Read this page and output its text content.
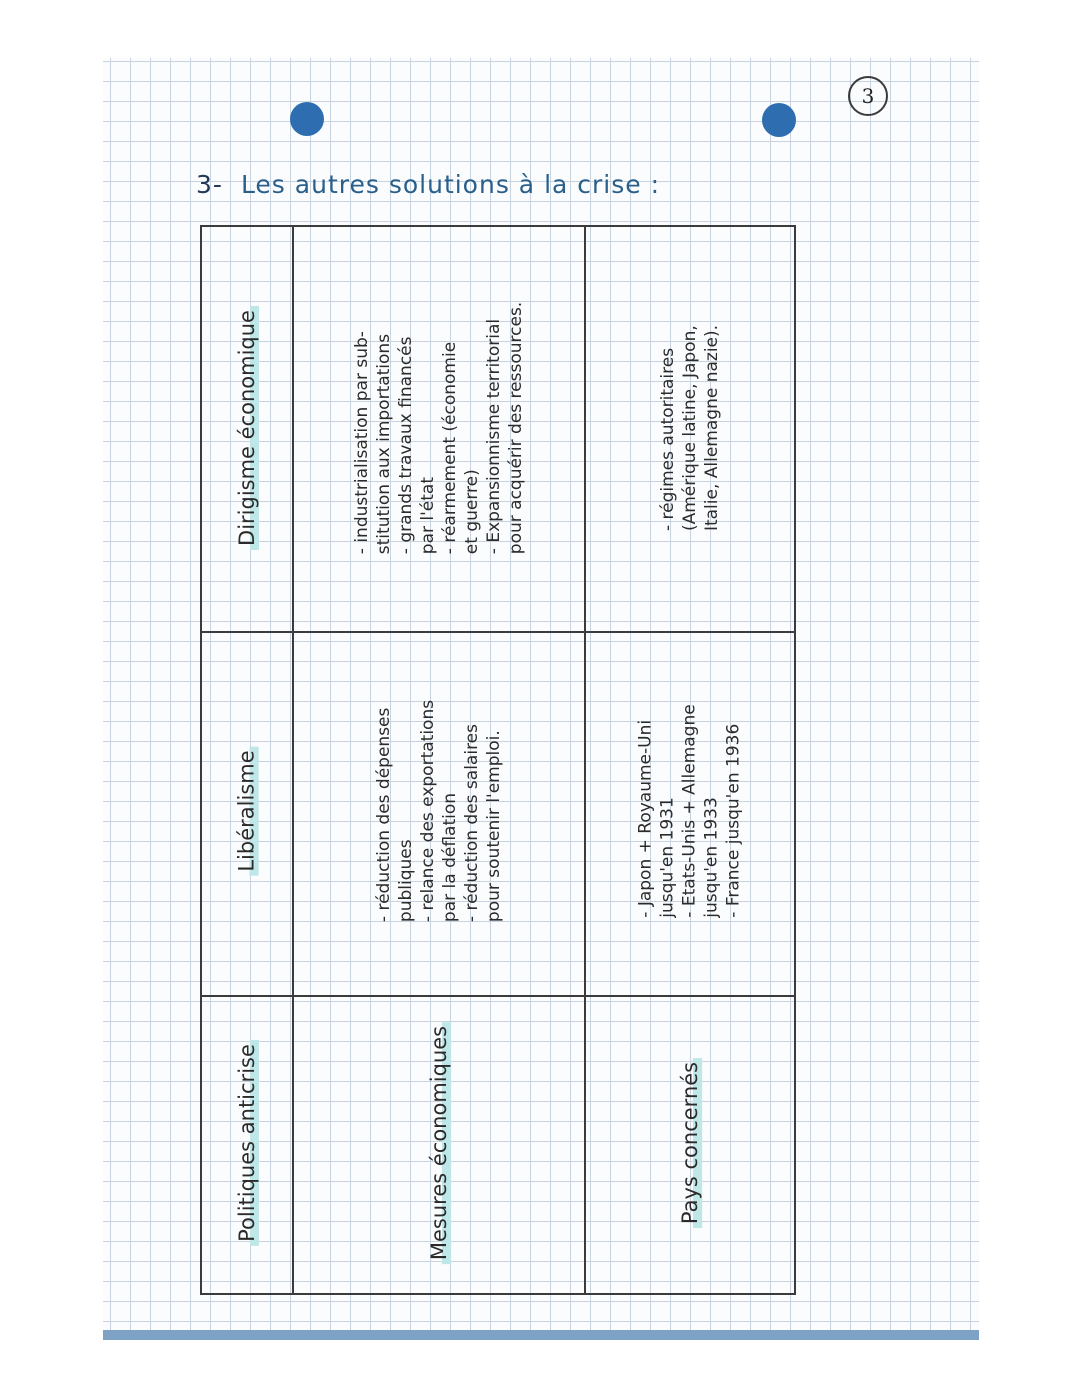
3
3- Les autres solutions à la crise :
Politiques anticrise
Libéralisme
Dirigisme économique
Mesures économiques
- réduction des dépenses publiques - relance des exportations par la déflation - réduction des salaires pour soutenir l'emploi.
- industrialisation par sub- stitution aux importations - grands travaux financés par l'état - réarmement (économie et guerre) - Expansionnisme territorial pour acquérir des ressources.
Pays concernés
- Japon + Royaume-Uni jusqu'en 1931 - Etats-Unis + Allemagne jusqu'en 1933 - France jusqu'en 1936
- régimes autoritaires (Amérique latine, Japon, Italie, Allemagne nazie).
